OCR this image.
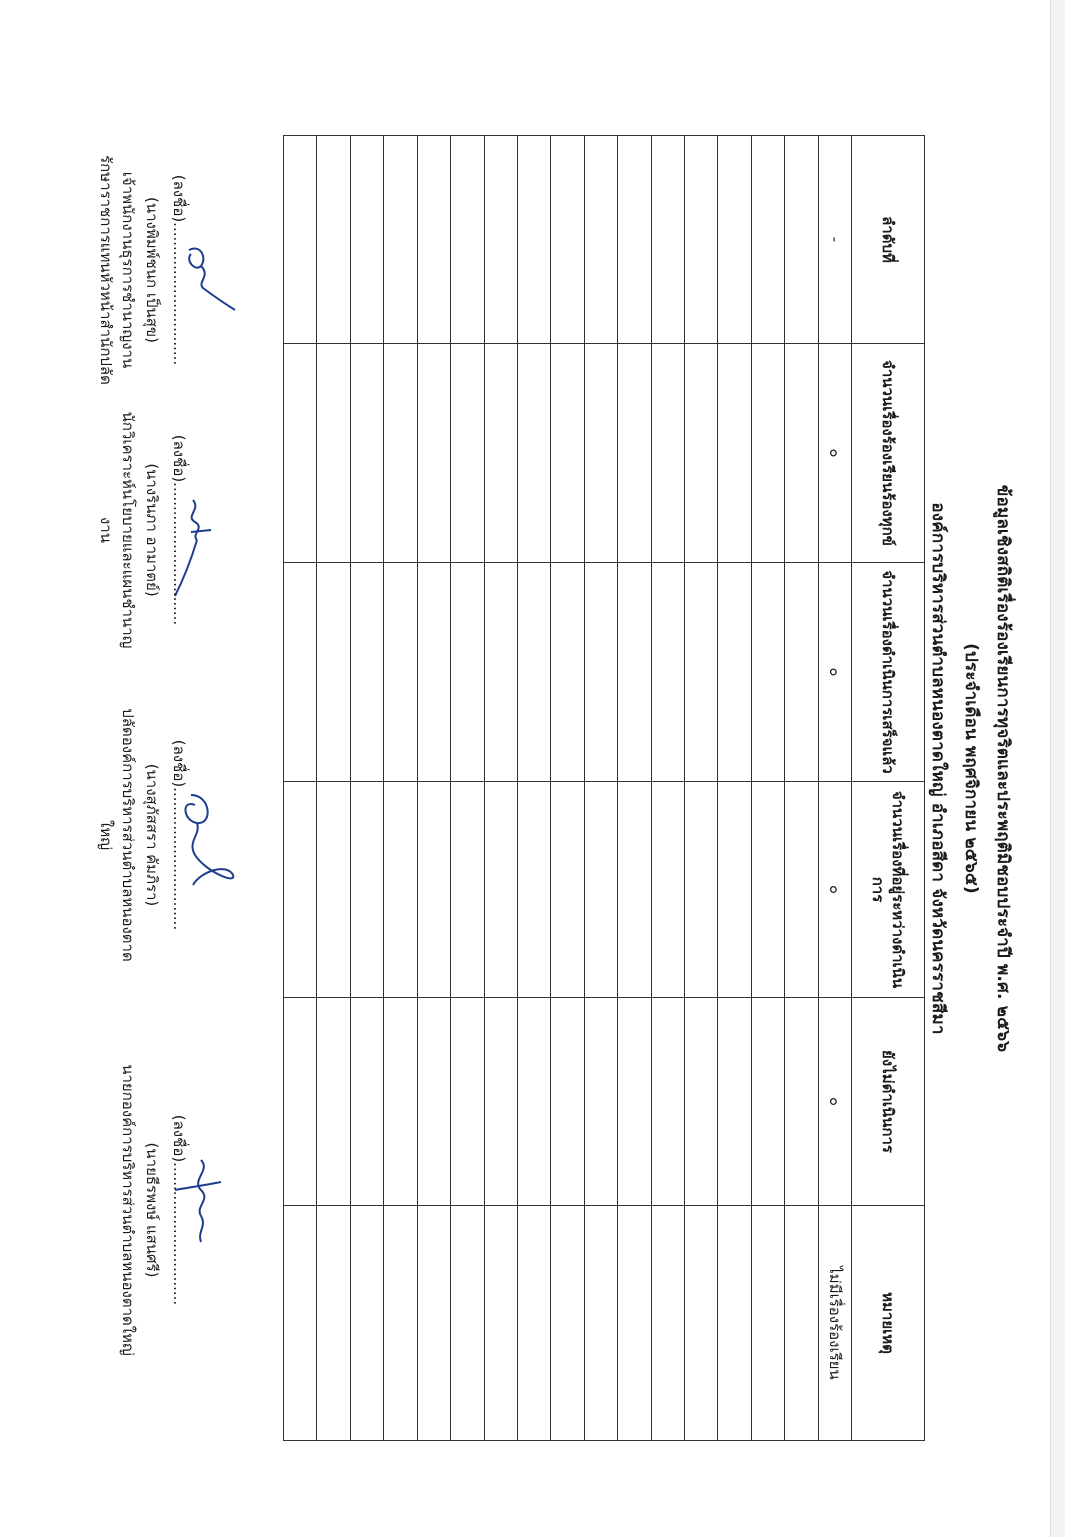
ข้อมูลเชิงสถิติเรื่องร้องเรียนการทุจริตและประพฤติมิชอบประจำปี พ.ศ. ๒๕๖๖
(ประจำเดือน พฤศจิกายน ๒๕๖๕)
องค์การบริหารส่วนตำบลหนองตาดใหญ่ อำเภอสีดา จังหวัดนครราชสีมา
ลำดับที่	จำนวนเรื่องร้องเรียนร้องทุกข์	จำนวนเรื่องดำเนินการเสร็จแล้ว	จำนวนเรื่องที่อยู่ระหว่างดำเนินการ	ยังไม่ดำเนินการ	หมายเหตุ
-	๐	๐	๐	๐	ไม่มีเรื่องร้องเรียน

(ลงชื่อ)..............................
(นางพิมพ์ชนก เป็นสุข)
เจ้าพนักงานธุรการชำนาญงาน
รักษาราชการแทนหัวหน้าสำนักปลัด
(ลงชื่อ)..............................
(นางรินภา อามาตย์)
นักวิเคราะห์นโยบายและแผนชำนาญงาน
(ลงชื่อ)..............................
(นางสุภัสสรา คัมภิรา)
ปลัดองค์การบริหารส่วนตำบลหนองตาดใหญ่
(ลงชื่อ)..............................
(นายธีรพงษ์ แสนศรี)
นายกองค์การบริหารส่วนตำบลหนองตาดใหญ่
